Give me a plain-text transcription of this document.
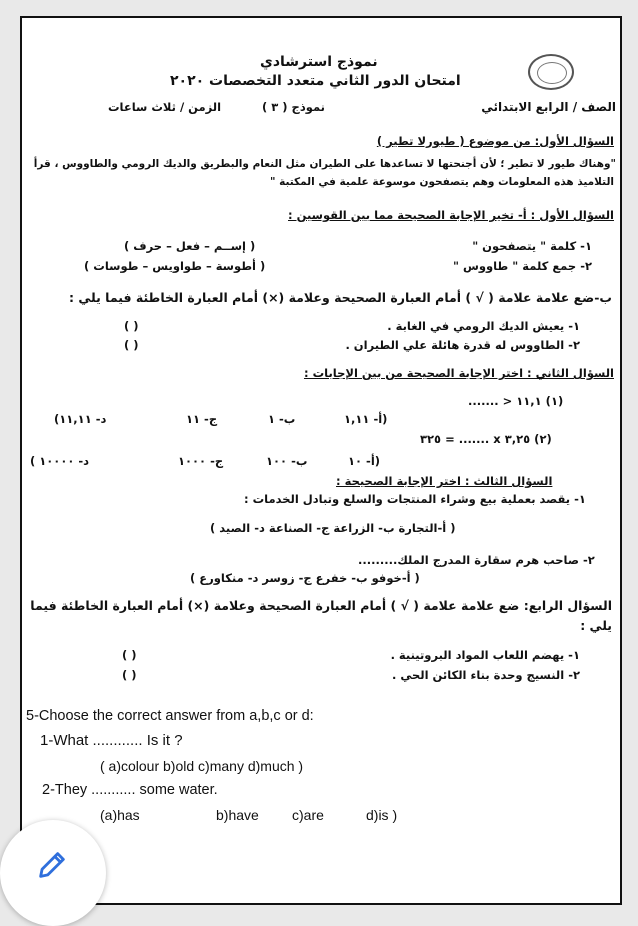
نموذج استرشادي
امتحان الدور الثاني متعدد التخصصات ٢٠٢٠
الصف / الرابع الابتدائي
نموذج ( ٣ )
الزمن / ثلاث ساعات
السؤال الأول: من موضوع ( طيورلا تطير )
"وهناك طيور لا تطير ؛ لأن أجنحتها لا تساعدها على الطيران مثل النعام والبطريق والديك الرومي والطاووس ، قرأ
التلاميذ هذه المعلومات وهم يتصفحون موسوعة علمية في المكتبة "
السؤال الأول : أ- تخير الإجابة الصحيحة مما بين القوسين :
١- كلمة " يتصفحون "
( إســم – فعل – حرف )
٢- جمع كلمة " طاووس "
( أطوسة – طواويس – طوسات )
ب-ضع علامة علامة ( √ ) أمام العبارة الصحيحة وعلامة (×) أمام العبارة الخاطئة فيما يلي :
١- يعيش الديك الرومي في الغابة .
( )
٢- الطاووس له قدرة هائلة علي الطيران .
( )
السؤال الثاني : اختر الإجابة الصحيحة من بين الإجابات :
(١) ١١,١ < .......
(أ- ١,١١
ب- ١
ج- ١١
د- ١١,١١)
(٢) ٣,٢٥ x ....... = ٣٢٥
(أ- ١٠
ب- ١٠٠
ج- ١٠٠٠
د- ١٠٠٠٠ )
السؤال الثالث : اختر الإجابة الصحيحة :
١- يقصد بعملية بيع وشراء المنتجات والسلع وتبادل الخدمات :
( أ-التجارة ب- الزراعة ج- الصناعة د- الصيد )
٢- صاحب هرم سقارة المدرج الملك.........
( أ-خوفو ب- خفرع ج- زوسر د- منكاورع )
السؤال الرابع: ضع علامة علامة ( √ ) أمام العبارة الصحيحة وعلامة (×) أمام العبارة الخاطئة فيما
يلي :
١- يهضم اللعاب المواد البروتينية .
( )
٢- النسيج وحدة بناء الكائن الحي .
( )
5-Choose the correct answer from a,b,c or d:
1-What ............ Is it ?
( a)colour b)old c)many d)much )
2-They ........... some water.
(a)has	b)have c)are	d)is )
